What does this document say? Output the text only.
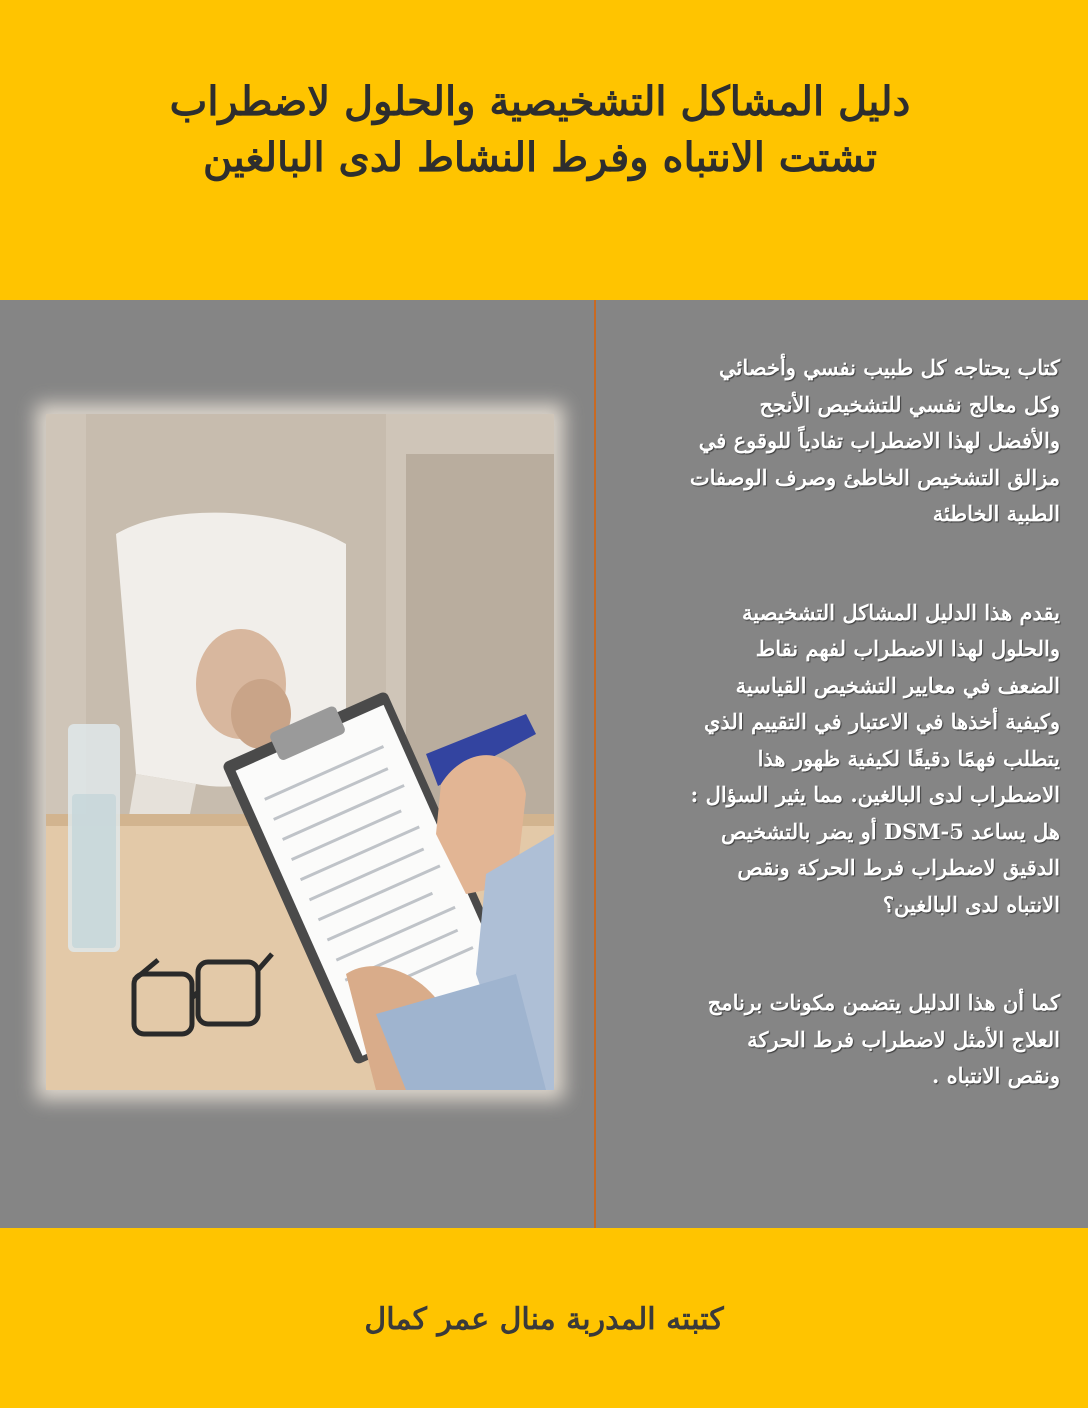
دليل المشاكل التشخيصية والحلول لاضطراب
تشتت الانتباه وفرط النشاط لدى البالغين
كتاب يحتاجه كل طبيب نفسي وأخصائي
وكل معالج نفسي للتشخيص الأنجح
والأفضل لهذا الاضطراب تفادياً للوقوع في
مزالق التشخيص الخاطئ وصرف الوصفات
الطبية الخاطئة
يقدم هذا الدليل المشاكل التشخيصية
والحلول لهذا الاضطراب لفهم نقاط
الضعف في معايير التشخيص القياسية
وكيفية أخذها في الاعتبار في التقييم الذي
يتطلب فهمًا دقيقًا لكيفية ظهور هذا
الاضطراب لدى البالغين. مما يثير السؤال :
هل يساعد DSM-5 أو يضر بالتشخيص
الدقيق لاضطراب فرط الحركة ونقص
الانتباه لدى البالغين؟
كما أن هذا الدليل يتضمن مكونات برنامج
العلاج الأمثل لاضطراب فرط الحركة
ونقص الانتباه .
كتبته المدربة منال عمر كمال
